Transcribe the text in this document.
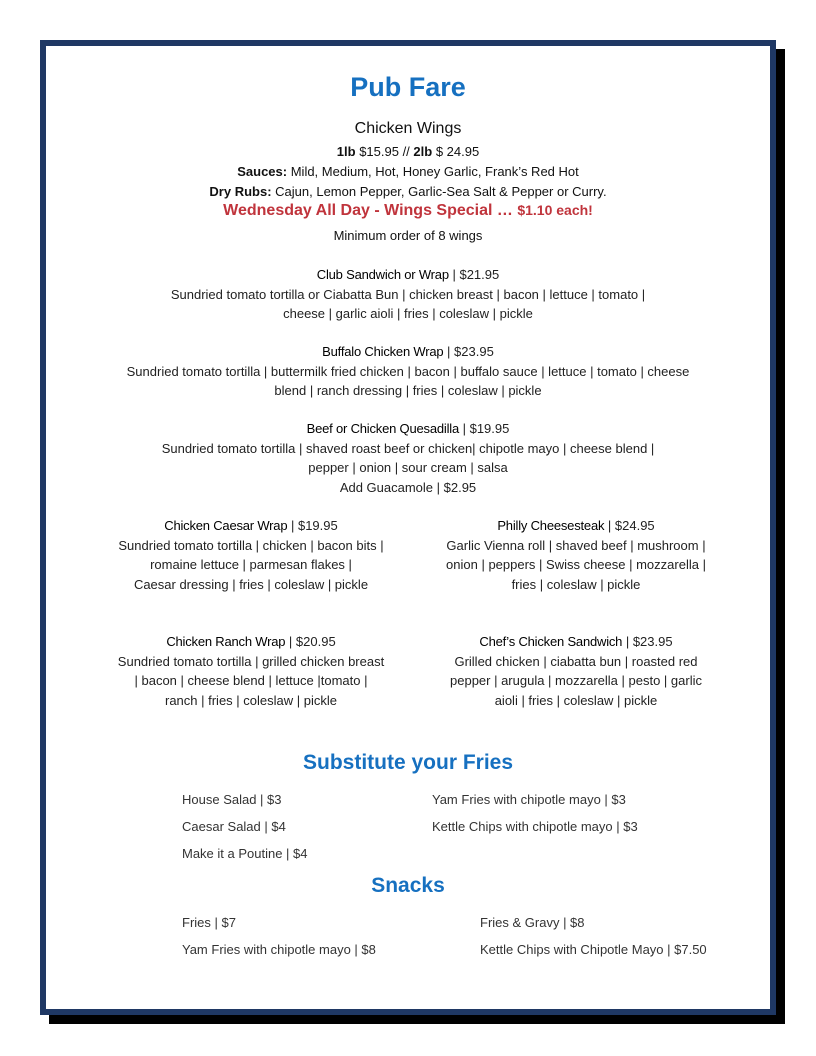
Pub Fare
Chicken Wings
1lb $15.95 // 2lb $ 24.95
Sauces: Mild, Medium, Hot, Honey Garlic, Frank’s Red Hot
Dry Rubs: Cajun, Lemon Pepper, Garlic-Sea Salt & Pepper or Curry.
Wednesday All Day - Wings Special … $1.10 each!
Minimum order of 8 wings
Club Sandwich or Wrap | $21.95
Sundried tomato tortilla or Ciabatta Bun | chicken breast | bacon | lettuce | tomato |
cheese | garlic aioli | fries | coleslaw | pickle
Buffalo Chicken Wrap | $23.95
Sundried tomato tortilla | buttermilk fried chicken | bacon | buffalo sauce | lettuce | tomato | cheese
blend | ranch dressing | fries | coleslaw | pickle
Beef or Chicken Quesadilla | $19.95
Sundried tomato tortilla | shaved roast beef or chicken| chipotle mayo | cheese blend |
pepper | onion | sour cream | salsa
Add Guacamole | $2.95
Chicken Caesar Wrap | $19.95
Sundried tomato tortilla | chicken | bacon bits |
romaine lettuce | parmesan flakes |
Caesar dressing | fries | coleslaw | pickle
Philly Cheesesteak | $24.95
Garlic Vienna roll | shaved beef | mushroom |
onion | peppers | Swiss cheese | mozzarella |
fries | coleslaw | pickle
Chicken Ranch Wrap | $20.95
Sundried tomato tortilla | grilled chicken breast
| bacon | cheese blend | lettuce |tomato |
ranch | fries | coleslaw | pickle
Chef’s Chicken Sandwich | $23.95
Grilled chicken | ciabatta bun | roasted red
pepper | arugula | mozzarella | pesto | garlic
aioli | fries | coleslaw | pickle
Substitute your Fries
House Salad | $3
Caesar Salad | $4
Make it a Poutine | $4
Yam Fries with chipotle mayo | $3
Kettle Chips with chipotle mayo | $3
Snacks
Fries | $7
Yam Fries with chipotle mayo | $8
Fries & Gravy | $8
Kettle Chips with Chipotle Mayo | $7.50
